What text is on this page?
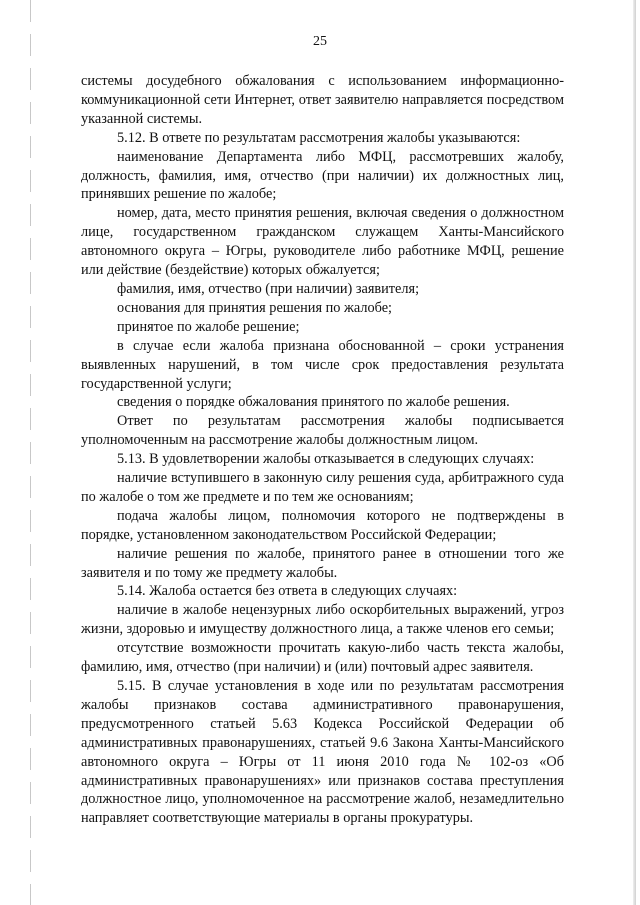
25

системы досудебного обжалования с использованием информационно-коммуникационной сети Интернет, ответ заявителю направляется посредством указанной системы.

5.12. В ответе по результатам рассмотрения жалобы указываются:

наименование Департамента либо МФЦ, рассмотревших жалобу, должность, фамилия, имя, отчество (при наличии) их должностных лиц, принявших решение по жалобе;

номер, дата, место принятия решения, включая сведения о должностном лице, государственном гражданском служащем Ханты-Мансийского автономного округа – Югры, руководителе либо работнике МФЦ, решение или действие (бездействие) которых обжалуется;

фамилия, имя, отчество (при наличии) заявителя;

основания для принятия решения по жалобе;

принятое по жалобе решение;

в случае если жалоба признана обоснованной – сроки устранения выявленных нарушений, в том числе срок предоставления результата государственной услуги;

сведения о порядке обжалования принятого по жалобе решения.

Ответ по результатам рассмотрения жалобы подписывается уполномоченным на рассмотрение жалобы должностным лицом.

5.13. В удовлетворении жалобы отказывается в следующих случаях:

наличие вступившего в законную силу решения суда, арбитражного суда по жалобе о том же предмете и по тем же основаниям;

подача жалобы лицом, полномочия которого не подтверждены в порядке, установленном законодательством Российской Федерации;

наличие решения по жалобе, принятого ранее в отношении того же заявителя и по тому же предмету жалобы.

5.14. Жалоба остается без ответа в следующих случаях:

наличие в жалобе нецензурных либо оскорбительных выражений, угроз жизни, здоровью и имуществу должностного лица, а также членов его семьи;

отсутствие возможности прочитать какую-либо часть текста жалобы, фамилию, имя, отчество (при наличии) и (или) почтовый адрес заявителя.

5.15. В случае установления в ходе или по результатам рассмотрения жалобы признаков состава административного правонарушения, предусмотренного статьей 5.63 Кодекса Российской Федерации об административных правонарушениях, статьей 9.6 Закона Ханты-Мансийского автономного округа – Югры от 11 июня 2010 года № 102-оз «Об административных правонарушениях» или признаков состава преступления должностное лицо, уполномоченное на рассмотрение жалоб, незамедлительно направляет соответствующие материалы в органы прокуратуры.
